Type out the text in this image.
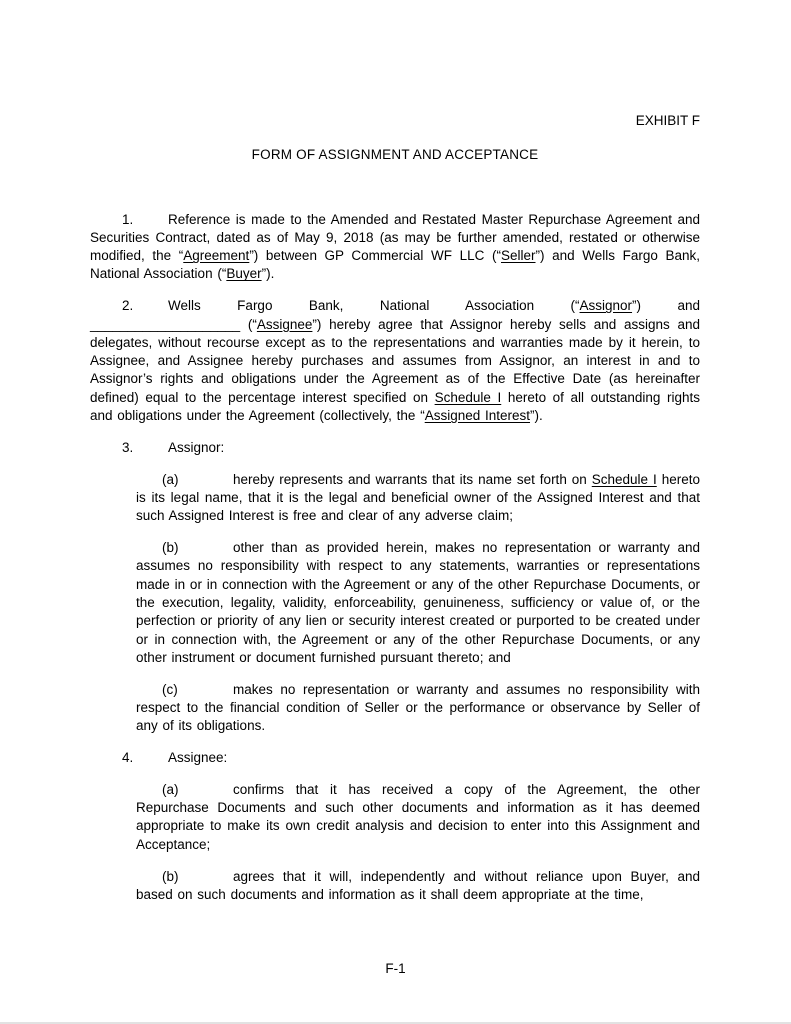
EXHIBIT F
FORM OF ASSIGNMENT AND ACCEPTANCE

1.	Reference is made to the Amended and Restated Master Repurchase Agreement and Securities Contract, dated as of May 9, 2018 (as may be further amended, restated or otherwise modified, the “Agreement”) between GP Commercial WF LLC (“Seller”) and Wells Fargo Bank, National Association (“Buyer”).

2.	Wells Fargo Bank, National Association (“Assignor”) and ____________________ (“Assignee”) hereby agree that Assignor hereby sells and assigns and delegates, without recourse except as to the representations and warranties made by it herein, to Assignee, and Assignee hereby purchases and assumes from Assignor, an interest in and to Assignor’s rights and obligations under the Agreement as of the Effective Date (as hereinafter defined) equal to the percentage interest specified on Schedule I hereto of all outstanding rights and obligations under the Agreement (collectively, the “Assigned Interest”).

3.	Assignor:

(a)	hereby represents and warrants that its name set forth on Schedule I hereto is its legal name, that it is the legal and beneficial owner of the Assigned Interest and that such Assigned Interest is free and clear of any adverse claim;

(b)	other than as provided herein, makes no representation or warranty and assumes no responsibility with respect to any statements, warranties or representations made in or in connection with the Agreement or any of the other Repurchase Documents, or the execution, legality, validity, enforceability, genuineness, sufficiency or value of, or the perfection or priority of any lien or security interest created or purported to be created under or in connection with, the Agreement or any of the other Repurchase Documents, or any other instrument or document furnished pursuant thereto; and

(c)	makes no representation or warranty and assumes no responsibility with respect to the financial condition of Seller or the performance or observance by Seller of any of its obligations.

4.	Assignee:

(a)	confirms that it has received a copy of the Agreement, the other Repurchase Documents and such other documents and information as it has deemed appropriate to make its own credit analysis and decision to enter into this Assignment and Acceptance;

(b)	agrees that it will, independently and without reliance upon Buyer, and based on such documents and information as it shall deem appropriate at the time,

F-1
